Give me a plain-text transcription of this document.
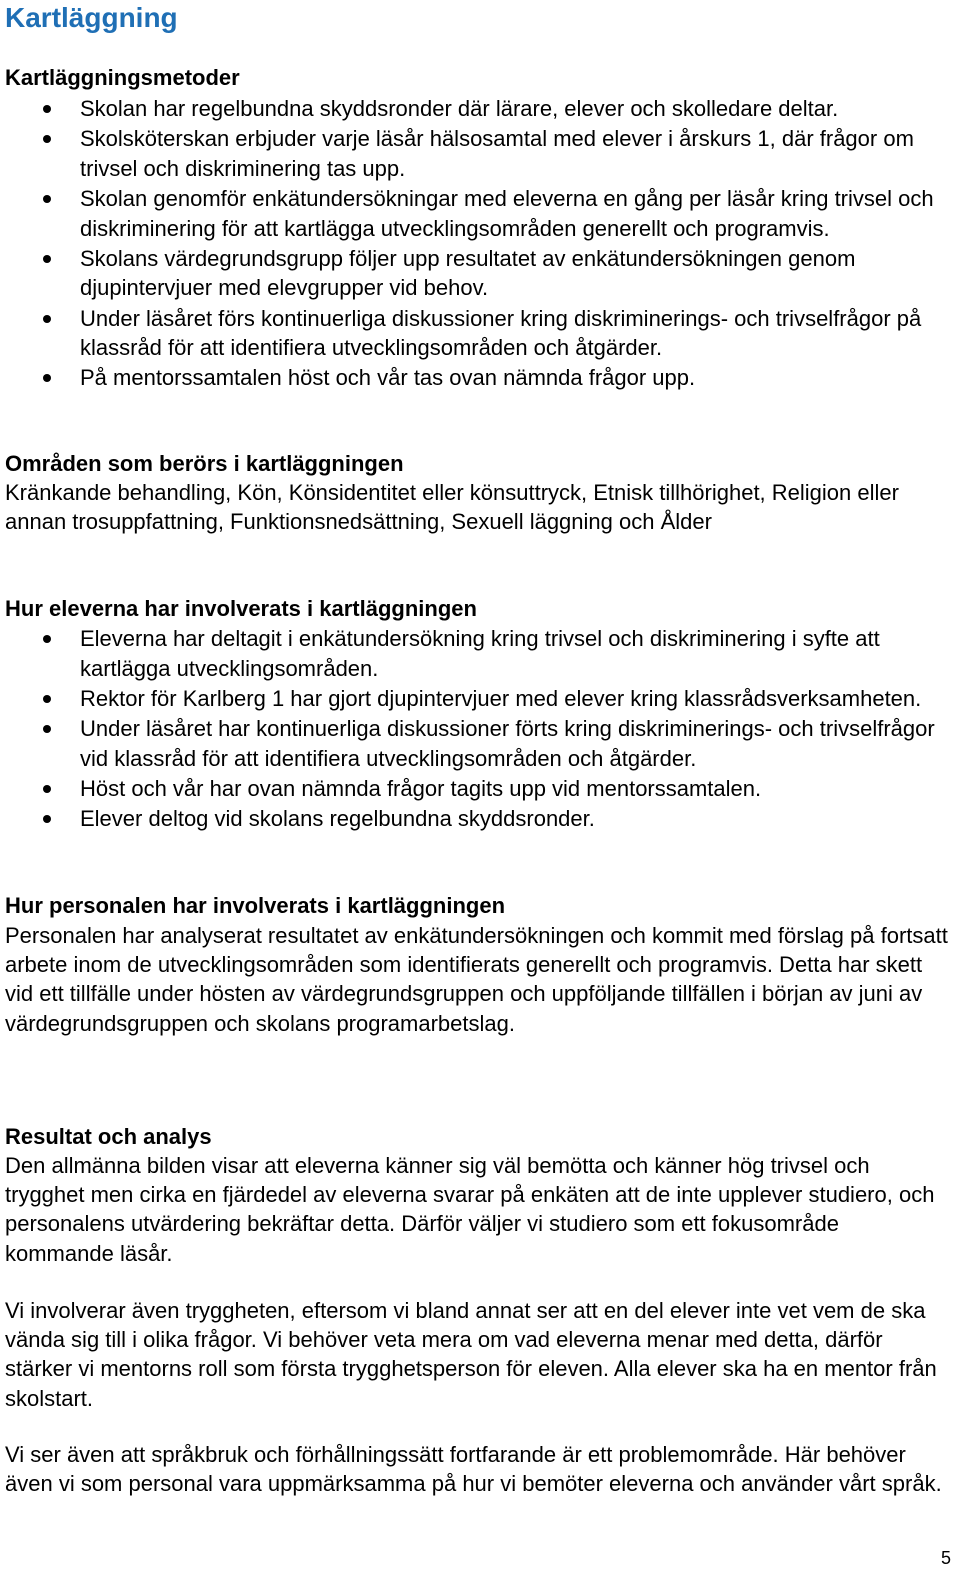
Kartläggning
Kartläggningsmetoder
Skolan har regelbundna skyddsronder där lärare, elever och skolledare deltar.
Skolsköterskan erbjuder varje läsår hälsosamtal med elever i årskurs 1, där frågor om trivsel och diskriminering tas upp.
Skolan genomför enkätundersökningar med eleverna en gång per läsår kring trivsel och diskriminering för att kartlägga utvecklingsområden generellt och programvis.
Skolans värdegrundsgrupp följer upp resultatet av enkätundersökningen genom djupintervjuer med elevgrupper vid behov.
Under läsåret förs kontinuerliga diskussioner kring diskriminerings- och trivselfrågor på klassråd för att identifiera utvecklingsområden och åtgärder.
På mentorssamtalen höst och vår tas ovan nämnda frågor upp.
Områden som berörs i kartläggningen

Kränkande behandling, Kön, Könsidentitet eller könsuttryck, Etnisk tillhörighet, Religion eller annan trosuppfattning, Funktionsnedsättning, Sexuell läggning och Ålder

Hur eleverna har involverats i kartläggningen
Eleverna har deltagit i enkätundersökning kring trivsel och diskriminering i syfte att kartlägga utvecklingsområden.
Rektor för Karlberg 1 har gjort djupintervjuer med elever kring klassrådsverksamheten.
Under läsåret har kontinuerliga diskussioner förts kring diskriminerings- och trivselfrågor vid klassråd för att identifiera utvecklingsområden och åtgärder.
Höst och vår har ovan nämnda frågor tagits upp vid mentorssamtalen.
Elever deltog vid skolans regelbundna skyddsronder.
Hur personalen har involverats i kartläggningen

Personalen har analyserat resultatet av enkätundersökningen och kommit med förslag på fortsatt arbete inom de utvecklingsområden som identifierats generellt och programvis. Detta har skett vid ett tillfälle under hösten av värdegrundsgruppen och uppföljande tillfällen i början av juni av värdegrundsgruppen och skolans programarbetslag.

Resultat och analys

Den allmänna bilden visar att eleverna känner sig väl bemötta och känner hög trivsel och trygghet men cirka en fjärdedel av eleverna svarar på enkäten att de inte upplever studiero, och personalens utvärdering bekräftar detta. Därför väljer vi studiero som ett fokusområde kommande läsår.

Vi involverar även tryggheten, eftersom vi bland annat ser att en del elever inte vet vem de ska vända sig till i olika frågor. Vi behöver veta mera om vad eleverna menar med detta, därför stärker vi mentorns roll som första trygghetsperson för eleven. Alla elever ska ha en mentor från skolstart.

Vi ser även att språkbruk och förhållningssätt fortfarande är ett problemområde. Här behöver även vi som personal vara uppmärksamma på hur vi bemöter eleverna och använder vårt språk.

5
